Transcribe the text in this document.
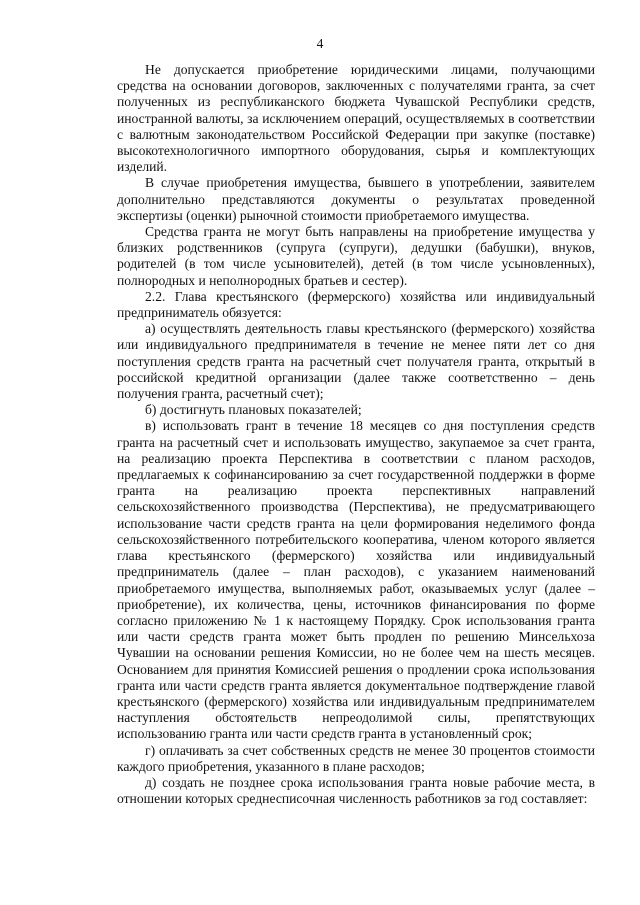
4

Не допускается приобретение юридическими лицами, получающими средства на основании договоров, заключенных с получателями гранта, за счет полученных из республиканского бюджета Чувашской Республики средств, иностранной валюты, за исключением операций, осуществляемых в соответствии с валютным законодательством Российской Федерации при закупке (поставке) высокотехнологичного импортного оборудования, сырья и комплектующих изделий.

В случае приобретения имущества, бывшего в употреблении, заявителем дополнительно представляются документы о результатах проведенной экспертизы (оценки) рыночной стоимости приобретаемого имущества.

Средства гранта не могут быть направлены на приобретение имущества у близких родственников (супруга (супруги), дедушки (бабушки), внуков, родителей (в том числе усыновителей), детей (в том числе усыновленных), полнородных и неполнородных братьев и сестер).

2.2. Глава крестьянского (фермерского) хозяйства или индивидуальный предприниматель обязуется:

а) осуществлять деятельность главы крестьянского (фермерского) хозяйства или индивидуального предпринимателя в течение не менее пяти лет со дня поступления средств гранта на расчетный счет получателя гранта, открытый в российской кредитной организации (далее также соответственно – день получения гранта, расчетный счет);

б) достигнуть плановых показателей;

в) использовать грант в течение 18 месяцев со дня поступления средств гранта на расчетный счет и использовать имущество, закупаемое за счет гранта, на реализацию проекта Перспектива в соответствии с планом расходов, предлагаемых к софинансированию за счет государственной поддержки в форме гранта на реализацию проекта перспективных направлений сельскохозяйственного производства (Перспектива), не предусматривающего использование части средств гранта на цели формирования неделимого фонда сельскохозяйственного потребительского кооператива, членом которого является глава крестьянского (фермерского) хозяйства или индивидуальный предприниматель (далее – план расходов), с указанием наименований приобретаемого имущества, выполняемых работ, оказываемых услуг (далее – приобретение), их количества, цены, источников финансирования по форме согласно приложению № 1 к настоящему Порядку. Срок использования гранта или части средств гранта может быть продлен по решению Минсельхоза Чувашии на основании решения Комиссии, но не более чем на шесть месяцев. Основанием для принятия Комиссией решения о продлении срока использования гранта или части средств гранта является документальное подтверждение главой крестьянского (фермерского) хозяйства или индивидуальным предпринимателем наступления обстоятельств непреодолимой силы, препятствующих использованию гранта или части средств гранта в установленный срок;

г) оплачивать за счет собственных средств не менее 30 процентов стоимости каждого приобретения, указанного в плане расходов;

д) создать не позднее срока использования гранта новые рабочие места, в отношении которых среднесписочная численность работников за год составляет:
